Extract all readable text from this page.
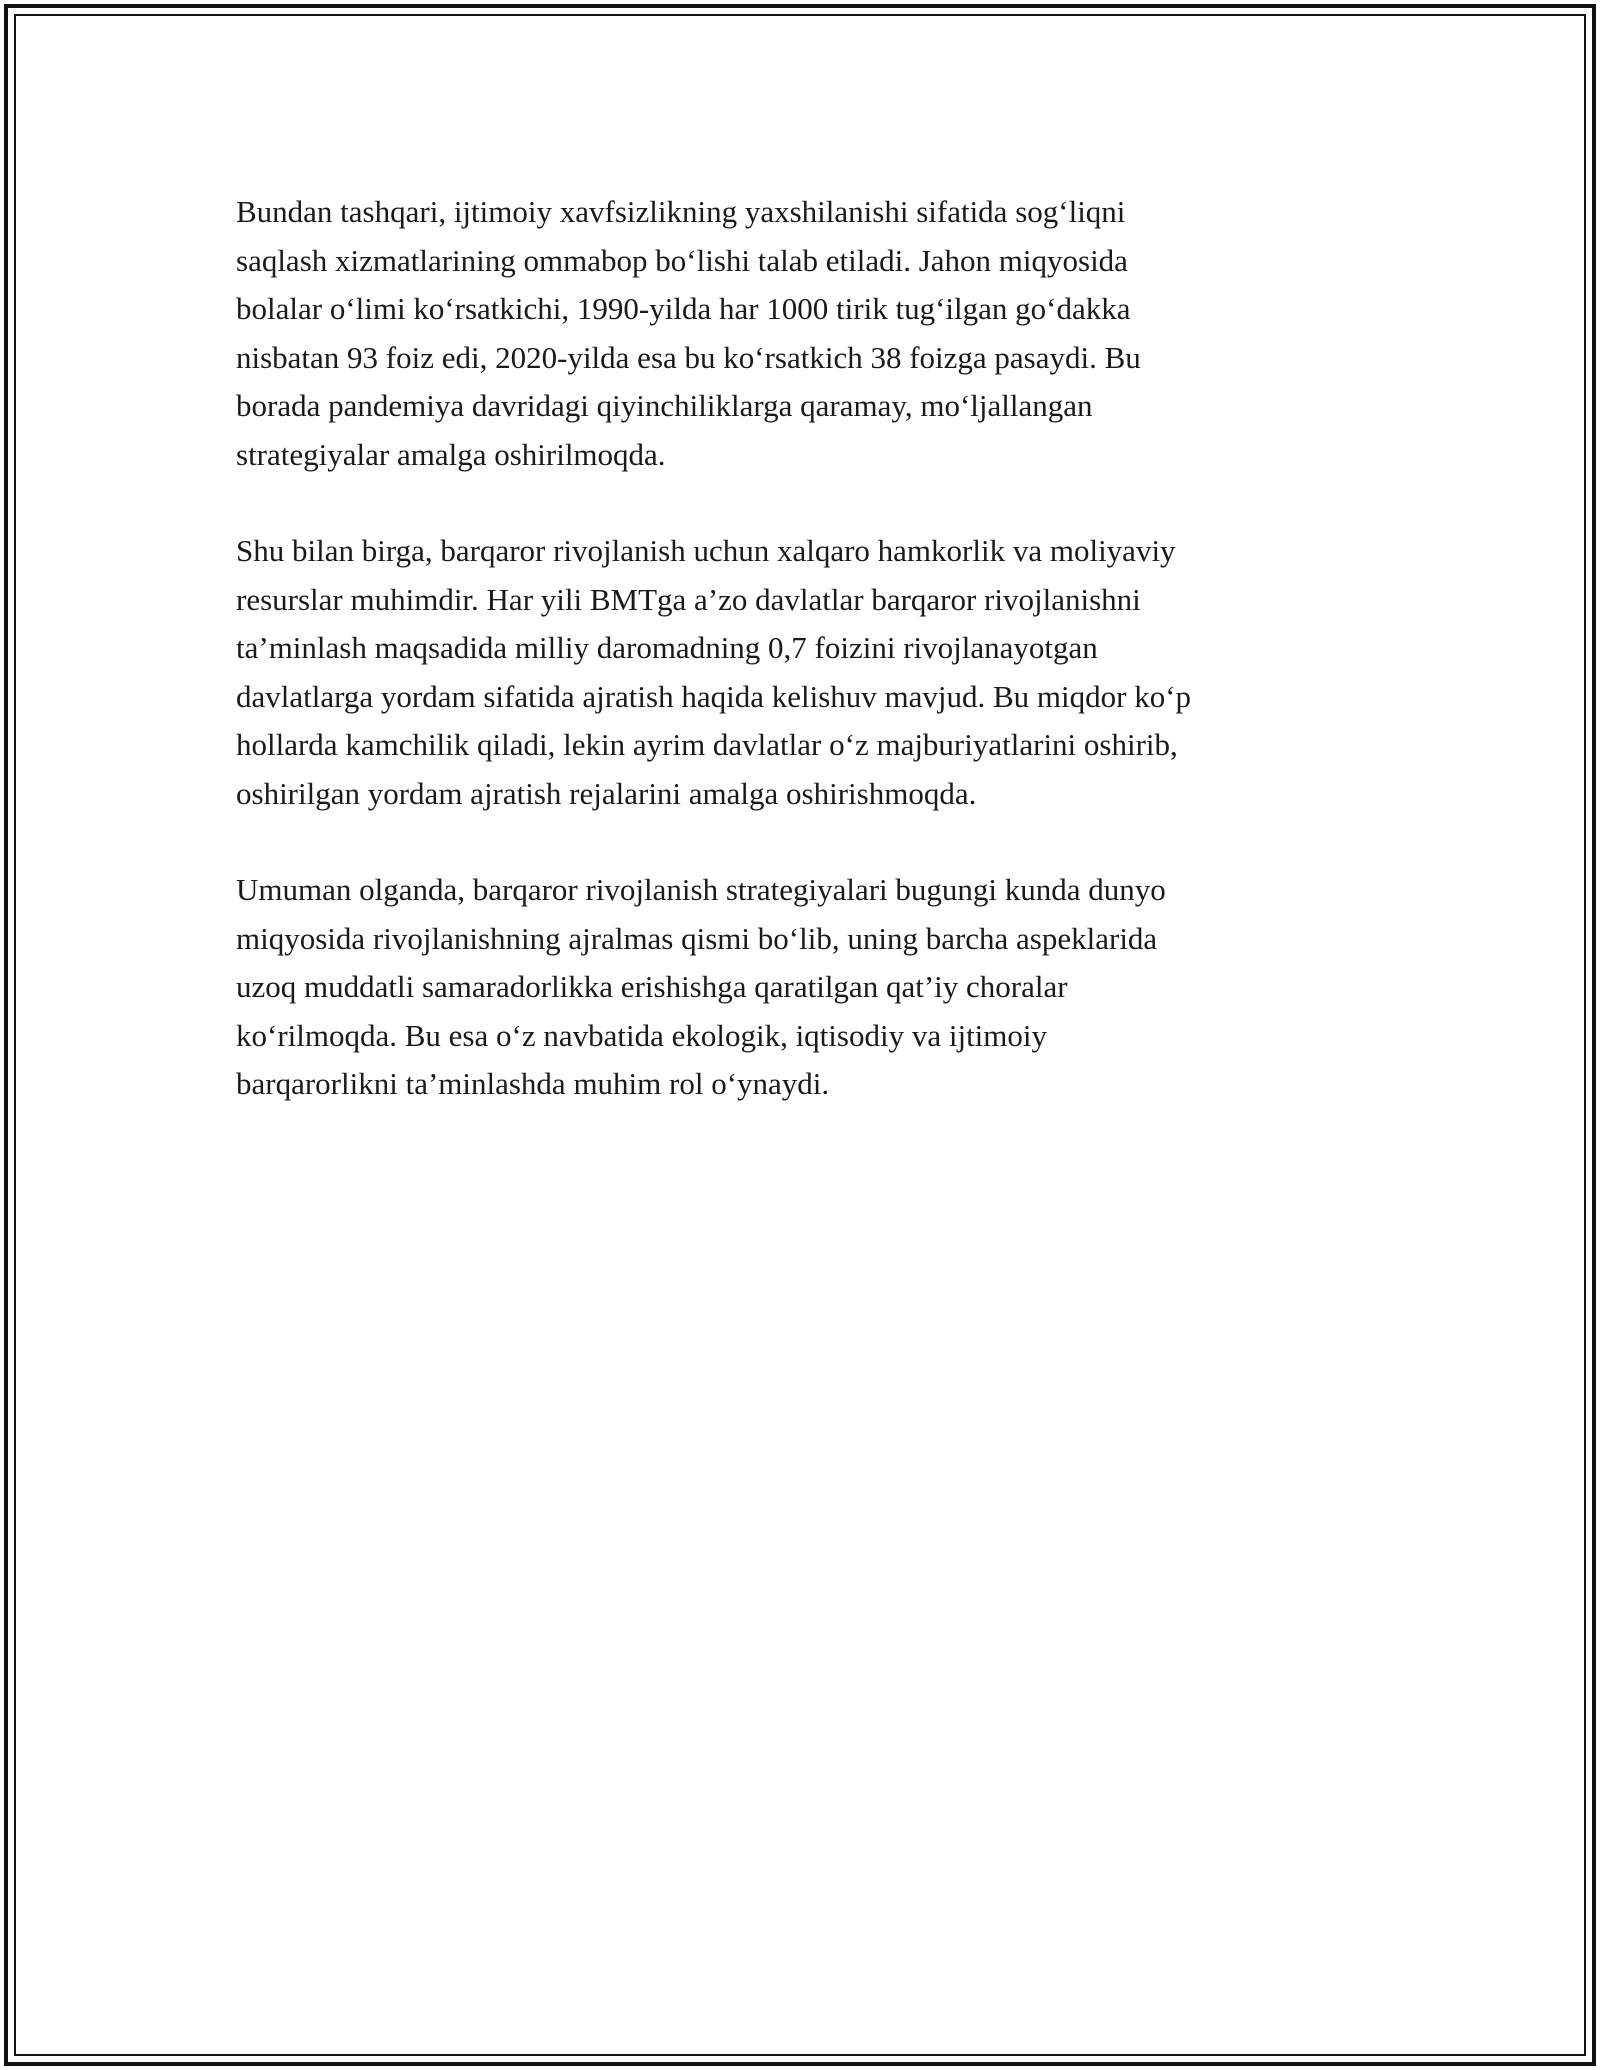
Bundan tashqari, ijtimoiy xavfsizlikning yaxshilanishi sifatida sog‘liqni
saqlash xizmatlarining ommabop bo‘lishi talab etiladi. Jahon miqyosida
bolalar o‘limi ko‘rsatkichi, 1990-yilda har 1000 tirik tug‘ilgan go‘dakka
nisbatan 93 foiz edi, 2020-yilda esa bu ko‘rsatkich 38 foizga pasaydi. Bu
borada pandemiya davridagi qiyinchiliklarga qaramay, mo‘ljallangan
strategiyalar amalga oshirilmoqda.

Shu bilan birga, barqaror rivojlanish uchun xalqaro hamkorlik va moliyaviy
resurslar muhimdir. Har yili BMTga a’zo davlatlar barqaror rivojlanishni
ta’minlash maqsadida milliy daromadning 0,7 foizini rivojlanayotgan
davlatlarga yordam sifatida ajratish haqida kelishuv mavjud. Bu miqdor ko‘p
hollarda kamchilik qiladi, lekin ayrim davlatlar o‘z majburiyatlarini oshirib,
oshirilgan yordam ajratish rejalarini amalga oshirishmoqda.

Umuman olganda, barqaror rivojlanish strategiyalari bugungi kunda dunyo
miqyosida rivojlanishning ajralmas qismi bo‘lib, uning barcha aspeklarida
uzoq muddatli samaradorlikka erishishga qaratilgan qat’iy choralar
ko‘rilmoqda. Bu esa o‘z navbatida ekologik, iqtisodiy va ijtimoiy
barqarorlikni ta’minlashda muhim rol o‘ynaydi.
